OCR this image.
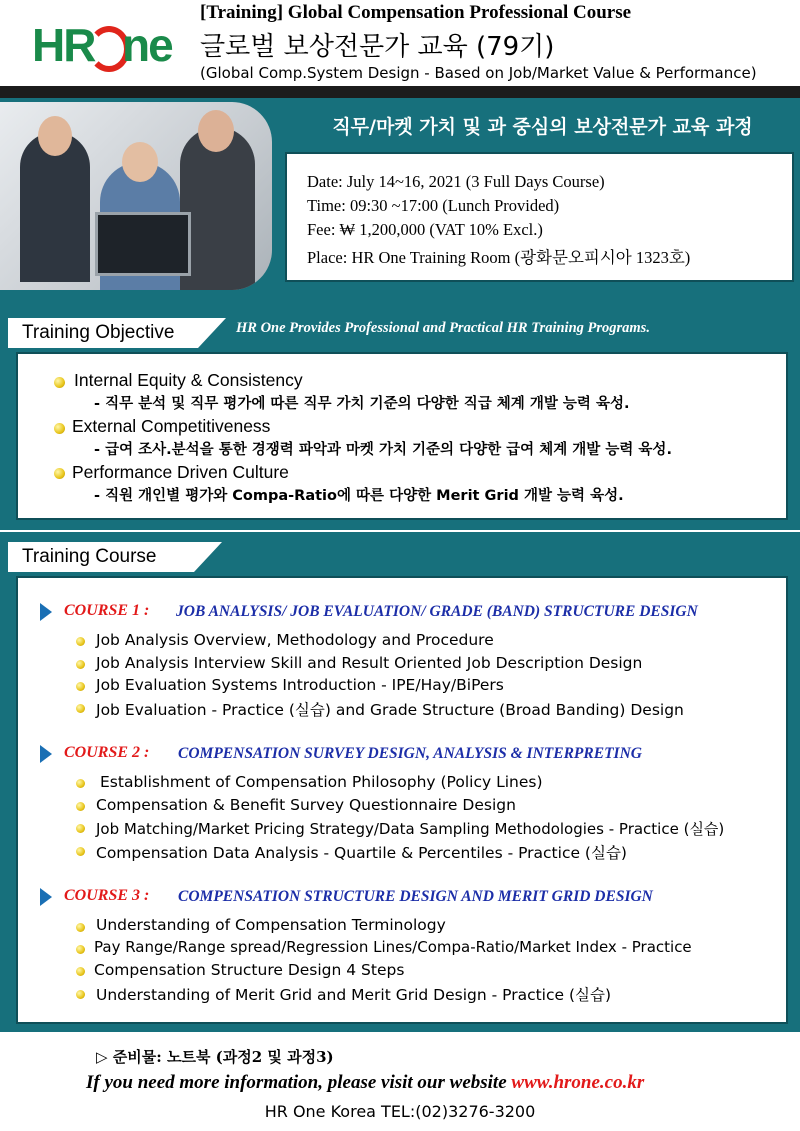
HR ne
[Training] Global Compensation Professional Course
글로벌 보상전문가 교육 (79기)
(Global Comp.System Design - Based on Job/Market Value & Performance)
직무/마켓 가치 및 과 중심의 보상전문가 교육 과정
Date: July 14~16, 2021 (3 Full Days Course)
Time: 09:30 ~17:00 (Lunch Provided)
Fee: ₩ 1,200,000 (VAT 10% Excl.)
Place: HR One Training Room (광화문오피시아 1323호)
Training Objective	HR One Provides Professional and Practical HR Training Programs.
Internal Equity & Consistency
- 직무 분석 및 직무 평가에 따른 직무 가치 기준의 다양한 직급 체계 개발 능력 육성.
External Competitiveness
- 급여 조사.분석을 통한 경쟁력 파악과 마켓 가치 기준의 다양한 급여 체계 개발 능력 육성.
Performance Driven Culture
- 직원 개인별 평가와 Compa-Ratio에 따른 다양한 Merit Grid 개발 능력 육성.
Training Course
COURSE 1 : JOB ANALYSIS/ JOB EVALUATION/ GRADE (BAND) STRUCTURE DESIGN
Job Analysis Overview, Methodology and Procedure
Job Analysis Interview Skill and Result Oriented Job Description Design
Job Evaluation Systems Introduction - IPE/Hay/BiPers
Job Evaluation - Practice (실습) and Grade Structure (Broad Banding) Design
COURSE 2 : COMPENSATION SURVEY DESIGN, ANALYSIS & INTERPRETING
Establishment of Compensation Philosophy (Policy Lines)
Compensation & Benefit Survey Questionnaire Design
Job Matching/Market Pricing Strategy/Data Sampling Methodologies - Practice (실습)
Compensation Data Analysis - Quartile & Percentiles - Practice (실습)
COURSE 3 : COMPENSATION STRUCTURE DESIGN AND MERIT GRID DESIGN
Understanding of Compensation Terminology
Pay Range/Range spread/Regression Lines/Compa-Ratio/Market Index - Practice
Compensation Structure Design 4 Steps
Understanding of Merit Grid and Merit Grid Design - Practice (실습)
▷ 준비물: 노트북 (과정2 및 과정3)
If you need more information, please visit our website www.hrone.co.kr
HR One Korea TEL:(02)3276-3200
